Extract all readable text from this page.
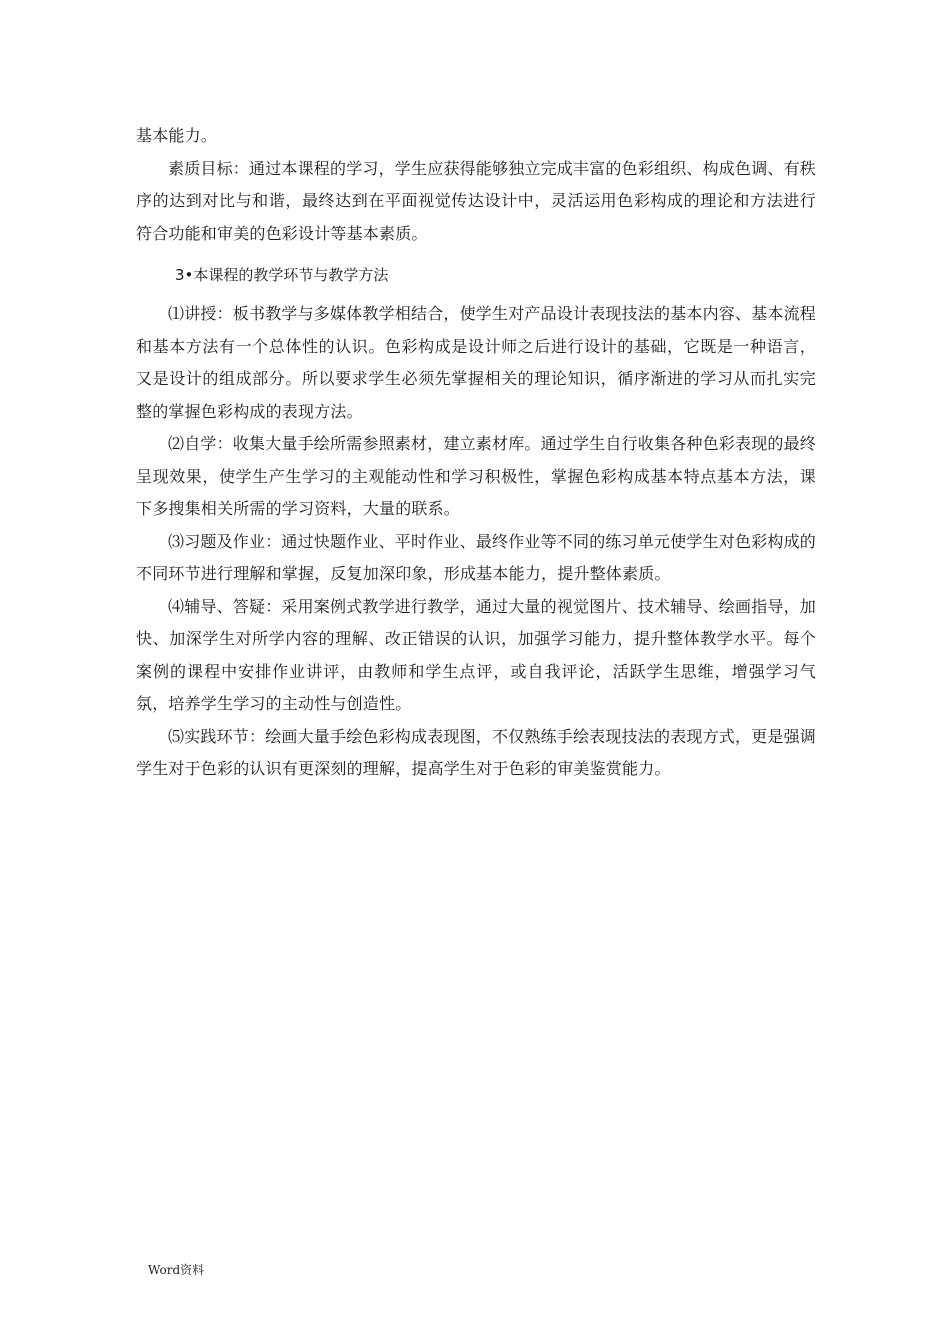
基本能力。

素质目标：通过本课程的学习，学生应获得能够独立完成丰富的色彩组织、构成色调、有秩序的达到对比与和谐，最终达到在平面视觉传达设计中，灵活运用色彩构成的理论和方法进行符合功能和审美的色彩设计等基本素质。

3•本课程的教学环节与教学方法

⑴讲授：板书教学与多媒体教学相结合，使学生对产品设计表现技法的基本内容、基本流程和基本方法有一个总体性的认识。色彩构成是设计师之后进行设计的基础，它既是一种语言，又是设计的组成部分。所以要求学生必须先掌握相关的理论知识，循序渐进的学习从而扎实完整的掌握色彩构成的表现方法。

⑵自学：收集大量手绘所需参照素材，建立素材库。通过学生自行收集各种色彩表现的最终呈现效果，使学生产生学习的主观能动性和学习积极性，掌握色彩构成基本特点基本方法，课下多搜集相关所需的学习资料，大量的联系。

⑶习题及作业：通过快题作业、平时作业、最终作业等不同的练习单元使学生对色彩构成的不同环节进行理解和掌握，反复加深印象，形成基本能力，提升整体素质。

⑷辅导、答疑：采用案例式教学进行教学，通过大量的视觉图片、技术辅导、绘画指导，加快、加深学生对所学内容的理解、改正错误的认识，加强学习能力，提升整体教学水平。每个案例的课程中安排作业讲评，由教师和学生点评，或自我评论，活跃学生思维，增强学习气氛，培养学生学习的主动性与创造性。

⑸实践环节：绘画大量手绘色彩构成表现图，不仅熟练手绘表现技法的表现方式，更是强调学生对于色彩的认识有更深刻的理解，提高学生对于色彩的审美鉴赏能力。

Word资料
